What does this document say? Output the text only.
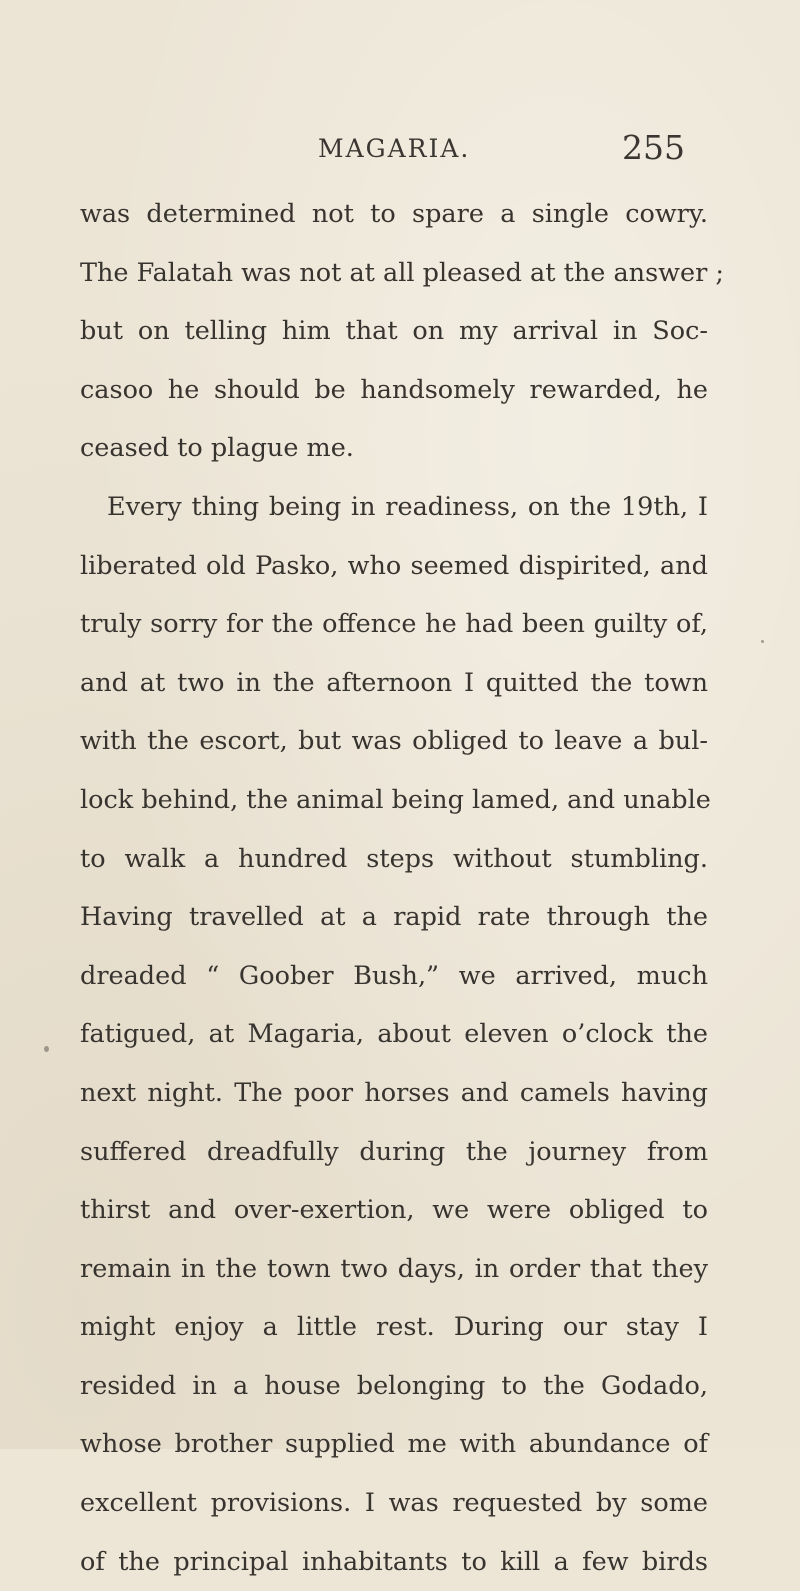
MAGARIA.	255
was determined not to spare a single cowry.
The Falatah was not at all pleased at the answer ;
but on telling him that on my arrival in Soc-
casoo he should be handsomely rewarded, he
ceased to plague me.
Every thing being in readiness, on the 19th, I
liberated old Pasko, who seemed dispirited, and
truly sorry for the offence he had been guilty of,
and at two in the afternoon I quitted the town
with the escort, but was obliged to leave a bul-
lock behind, the animal being lamed, and unable
to walk a hundred steps without stumbling.
Having travelled at a rapid rate through the
dreaded “ Goober Bush,” we arrived, much
fatigued, at Magaria, about eleven o’clock the
next night. The poor horses and camels having
suffered dreadfully during the journey from
thirst and over-exertion, we were obliged to
remain in the town two days, in order that they
might enjoy a little rest. During our stay I
resided in a house belonging to the Godado,
whose brother supplied me with abundance of
excellent provisions. I was requested by some
of the principal inhabitants to kill a few birds
